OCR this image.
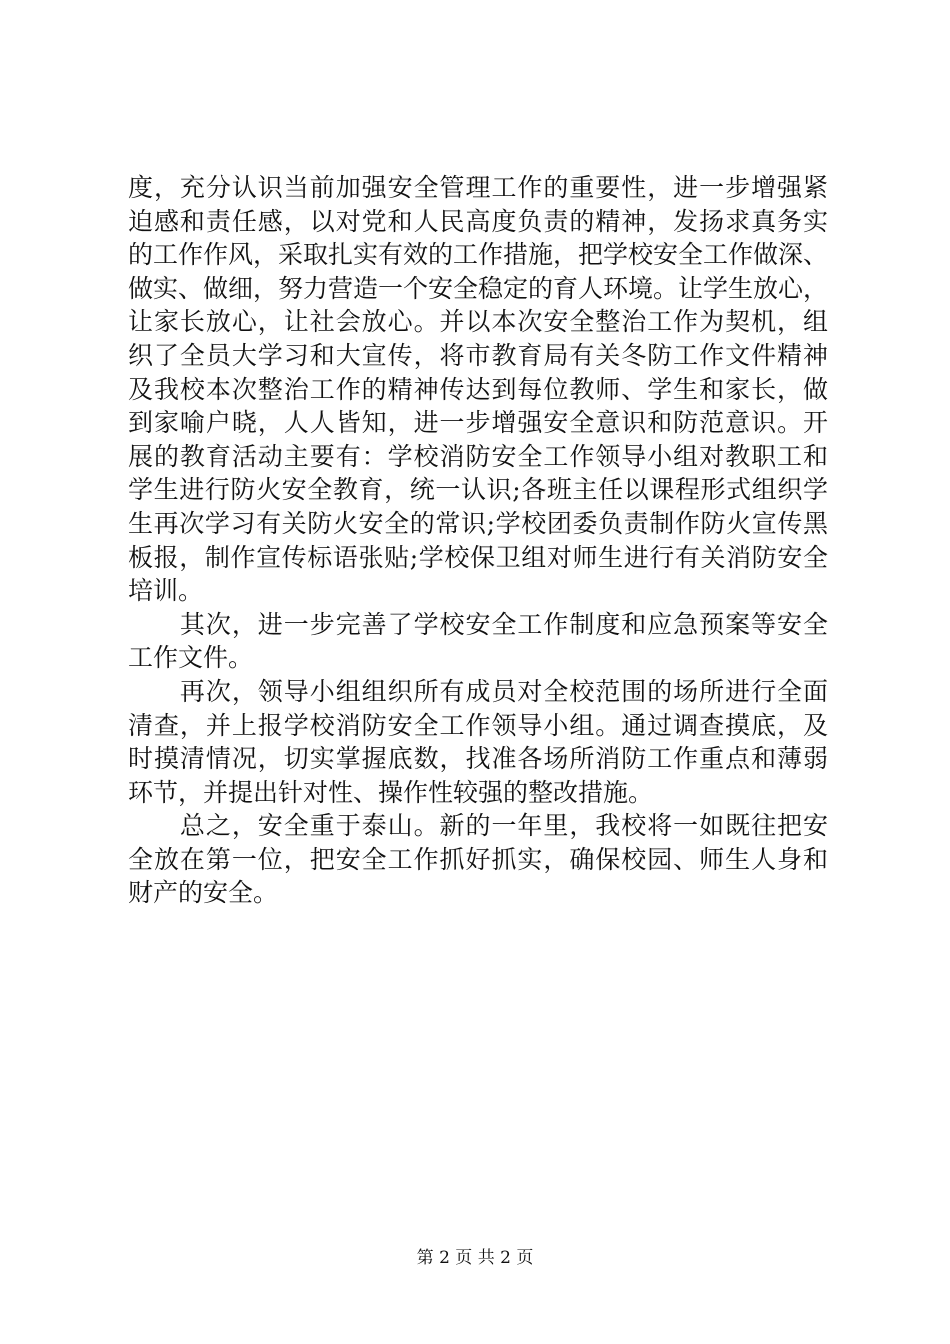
度，充分认识当前加强安全管理工作的重要性，进一步增强紧
迫感和责任感，以对党和人民高度负责的精神，发扬求真务实
的工作作风，采取扎实有效的工作措施，把学校安全工作做深、
做实、做细，努力营造一个安全稳定的育人环境。让学生放心，
让家长放心，让社会放心。并以本次安全整治工作为契机，组
织了全员大学习和大宣传，将市教育局有关冬防工作文件精神
及我校本次整治工作的精神传达到每位教师、学生和家长，做
到家喻户晓，人人皆知，进一步增强安全意识和防范意识。开
展的教育活动主要有：学校消防安全工作领导小组对教职工和
学生进行防火安全教育，统一认识;各班主任以课程形式组织学
生再次学习有关防火安全的常识;学校团委负责制作防火宣传黑
板报，制作宣传标语张贴;学校保卫组对师生进行有关消防安全
培训。
　　其次，进一步完善了学校安全工作制度和应急预案等安全
工作文件。
　　再次，领导小组组织所有成员对全校范围的场所进行全面
清查，并上报学校消防安全工作领导小组。通过调查摸底，及
时摸清情况，切实掌握底数，找准各场所消防工作重点和薄弱
环节，并提出针对性、操作性较强的整改措施。
　　总之，安全重于泰山。新的一年里，我校将一如既往把安
全放在第一位，把安全工作抓好抓实，确保校园、师生人身和
财产的安全。
第 2 页 共 2 页
